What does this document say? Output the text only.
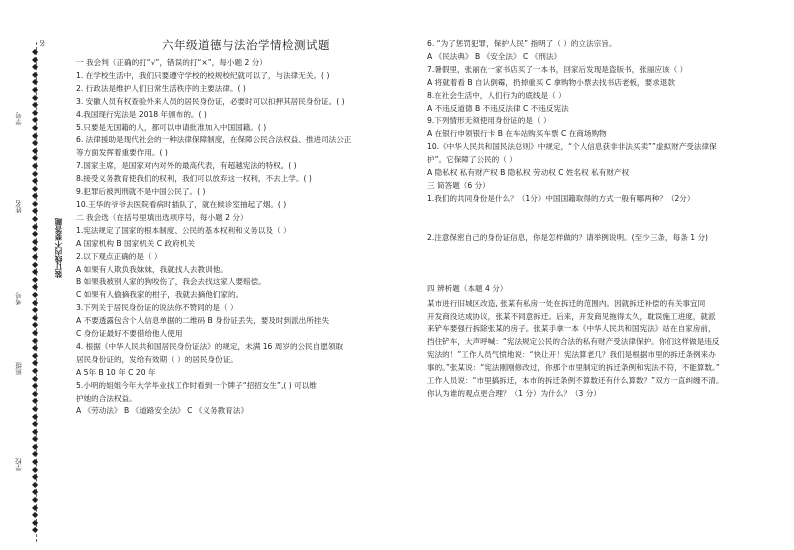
名
学号
姓名
考号
班级
学校
◆
◆
◆
◆
◆
◆
◆
◆
◆
◆
◆
◆
◆
◆
◆
◆
◆
◆
◆
◆
◆
◆
◆
◆
◆
◆
◆
◆
◆
◆
◆
◆
◆
◆
◆
◆
◆
◆
◆
◆
◆
◆
◆
◆
◆
◆
◆
◆
◆
◆
◆
◆
◆
◆
◆
◆
◆
◆
◆
◆
◆
◆
◆
◆
装订线内不要答题
六年级道德与法治学情检测试题
一 我会判（正确的打“√”，错误的打“×”，每小题 2 分）
1. 在学校生活中，我们只要遵守学校的校规校纪就可以了，与法律无关。( )
2. 行政法是维护人们日常生活秩序的主要法律。( )
3. 安徽人员有权查验外来人员的居民身份证，必要时可以扣押其居民身份证。( )
4.我国现行宪法是 2018 年颁布的。( )
5.只要是无国籍的人，都可以申请批准加入中国国籍。( )
6. 法律援助是现代社会的一种法律保障制度，在保障公民合法权益、推进司法公正
等方面发挥着重要作用。( )
7.国家主席，是国家对内对外的最高代表，有超越宪法的特权。( )
8.接受义务教育使我们的权利，我们可以放弃这一权利，不去上学。( )
9.犯罪后被判刑就不是中国公民了。( )
10.王华的爷爷去医院看病时插队了，就在候诊室抽起了烟。( )
二 我会选（在括号里填出选项序号，每小题 2 分）
1.宪法规定了国家的根本制度、公民的基本权利和义务以及（ ）
A 国家机构 B 国家机关 C 政府机关
2.以下观点正确的是（ ）
A 如果有人欺负我妹妹，我就找人去教训他。
B 如果我被别人家的狗咬伤了，我会去找这家人要赔偿。
C 如果有人偷摘我家的柑子，我就去摘他们家的。
3.下列关于居民身份证的说法你不赞同的是（ ）
A 不要透露包含个人信息单据的二维码 B 身份证丢失，要及时到派出所挂失
C 身份证最好不要借给他人使用
4. 根据《中华人民共和国居民身份证法》的规定，未满 16 周岁的公民自愿领取
居民身份证的，发给有效期（ ）的居民身份证。
A 5年 B 10 年 C 20 年
5.小明的姐姐今年大学毕业找工作时看到一个牌子“招招女生”,( ) 可以维
护她的合法权益。
A 《劳动法》 B 《道路安全法》 C 《义务教育法》
6. “为了惩罚犯罪，保护人民” 指明了（ ）的立法宗旨。
A 《民法典》 B 《安全法》 C 《刑法》
7.暑假里，张丽在一家书店买了一本书，回家后发现是盗版书，张丽应该（ ）
A 将就着看 B 自认倒霉，扔掉重买 C 拿购物小票去找书店老板，要求退款
8.在社会生活中，人们行为的底线是（ ）
A 不违反道德 B 不违反法律 C 不违反宪法
9.下列情形无须使用身份证的是（ ）
A 在银行申领银行卡 B 在车站购买车票 C 在商场购物
10.《中华人民共和国民法总则》中规定，“个人信息获非非法买卖””虚拟财产受法律保
护”。它保障了公民的（ ）
A 隐私权 私有财产权 B 隐私权 劳动权 C 姓名权 私有财产权
三 简答题（6 分）
1.我们的共同身份是什么？（1分）中国国籍取得的方式一般有哪两种？（2分）
2.注意保密自己的身份证信息，你是怎样做的？请举例说明。(至少三条，每条 1 分)
四 辨析题（本题 4 分）
某市进行旧城区改造, 张某有私房一处在拆迁的范围内。因就拆迁补偿的有关事宜同
开发商没达成协议，张某不同意拆迁。后来，开发商见拖得太久，耽误施工进度，就派
来铲车要强行拆除张某的房子。张某手拿一本《中华人民共和国宪法》站在自家房前，
挡住铲车，大声呼喊：“宪法规定公民的合法的私有财产受法律保护。你们这样做是违反
宪法的！”工作人员气愤地说：“快让开！宪法算老几？我们是根据市里的拆迁条例来办
事的。”张某说：“宪法刚刚修改过，你那个市里制定的拆迁条例和宪法不符，不能算数。”
工作人员说：“市里搞拆迁，本市的拆迁条例不算数还有什么算数？”双方一直纠缠不清。
你认为谁的观点更合理？（1 分）为什么？（3 分）
